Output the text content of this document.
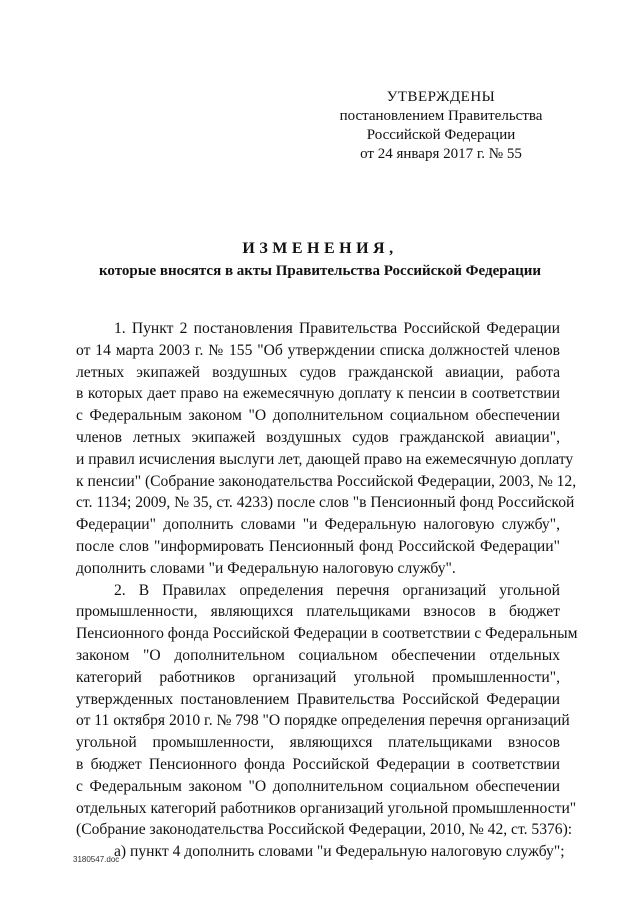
УТВЕРЖДЕНЫ
постановлением Правительства
Российской Федерации
от 24 января 2017 г. № 55
ИЗМЕНЕНИЯ,
которые вносятся в акты Правительства Российской Федерации
1. Пункт 2 постановления Правительства Российской Федерации
от 14 марта 2003 г. № 155 "Об утверждении списка должностей членов
летных экипажей воздушных судов гражданской авиации, работа
в которых дает право на ежемесячную доплату к пенсии в соответствии
с Федеральным законом "О дополнительном социальном обеспечении
членов летных экипажей воздушных судов гражданской авиации",
и правил исчисления выслуги лет, дающей право на ежемесячную доплату
к пенсии" (Собрание законодательства Российской Федерации, 2003, № 12,
ст. 1134; 2009, № 35, ст. 4233) после слов "в Пенсионный фонд Российской
Федерации" дополнить словами "и Федеральную налоговую службу",
после слов "информировать Пенсионный фонд Российской Федерации"
дополнить словами "и Федеральную налоговую службу".
2. В Правилах определения перечня организаций угольной
промышленности, являющихся плательщиками взносов в бюджет
Пенсионного фонда Российской Федерации в соответствии с Федеральным
законом "О дополнительном социальном обеспечении отдельных
категорий работников организаций угольной промышленности",
утвержденных постановлением Правительства Российской Федерации
от 11 октября 2010 г. № 798 "О порядке определения перечня организаций
угольной промышленности, являющихся плательщиками взносов
в бюджет Пенсионного фонда Российской Федерации в соответствии
с Федеральным законом "О дополнительном социальном обеспечении
отдельных категорий работников организаций угольной промышленности"
(Собрание законодательства Российской Федерации, 2010, № 42, ст. 5376):
а) пункт 4 дополнить словами "и Федеральную налоговую службу";
3180547.doc
